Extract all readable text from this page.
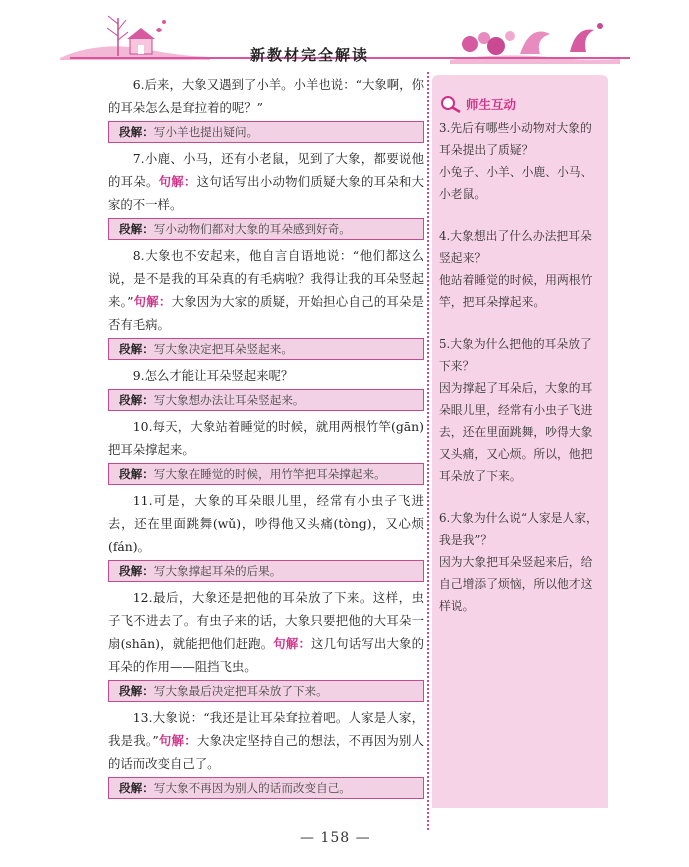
新教材完全解读

6.后来，大象又遇到了小羊。小羊也说：“大象啊，你的耳朵怎么是耷拉着的呢？”

段解：写小羊也提出疑问。

7.小鹿、小马，还有小老鼠，见到了大象，都要说他的耳朵。句解：这句话写出小动物们质疑大象的耳朵和大家的不一样。

段解：写小动物们都对大象的耳朵感到好奇。

8.大象也不安起来，他自言自语地说：“他们都这么说，是不是我的耳朵真的有毛病啦？我得让我的耳朵竖起来。”句解：大象因为大家的质疑，开始担心自己的耳朵是否有毛病。

段解：写大象决定把耳朵竖起来。

9.怎么才能让耳朵竖起来呢？

段解：写大象想办法让耳朵竖起来。

10.每天，大象站着睡觉的时候，就用两根竹竿(gān)把耳朵撑起来。

段解：写大象在睡觉的时候，用竹竿把耳朵撑起来。

11.可是，大象的耳朵眼儿里，经常有小虫子飞进去，还在里面跳舞(wǔ)，吵得他又头痛(tòng)，又心烦(fán)。

段解：写大象撑起耳朵的后果。

12.最后，大象还是把他的耳朵放了下来。这样，虫子飞不进去了。有虫子来的话，大象只要把他的大耳朵一扇(shān)，就能把他们赶跑。句解：这几句话写出大象的耳朵的作用——阻挡飞虫。

段解：写大象最后决定把耳朵放了下来。

13.大象说：“我还是让耳朵耷拉着吧。人家是人家，我是我。”句解：大象决定坚持自己的想法，不再因为别人的话而改变自己了。

段解：写大象不再因为别人的话而改变自己。
师生互动
3.先后有哪些小动物对大象的耳朵提出了质疑？
小兔子、小羊、小鹿、小马、小老鼠。
4.大象想出了什么办法把耳朵竖起来？
他站着睡觉的时候，用两根竹竿，把耳朵撑起来。
5.大象为什么把他的耳朵放了下来？
因为撑起了耳朵后，大象的耳朵眼儿里，经常有小虫子飞进去，还在里面跳舞，吵得大象又头痛，又心烦。所以，他把耳朵放了下来。
6.大象为什么说“人家是人家，我是我”？
因为大象把耳朵竖起来后，给自己增添了烦恼，所以他才这样说。
— 158 —
